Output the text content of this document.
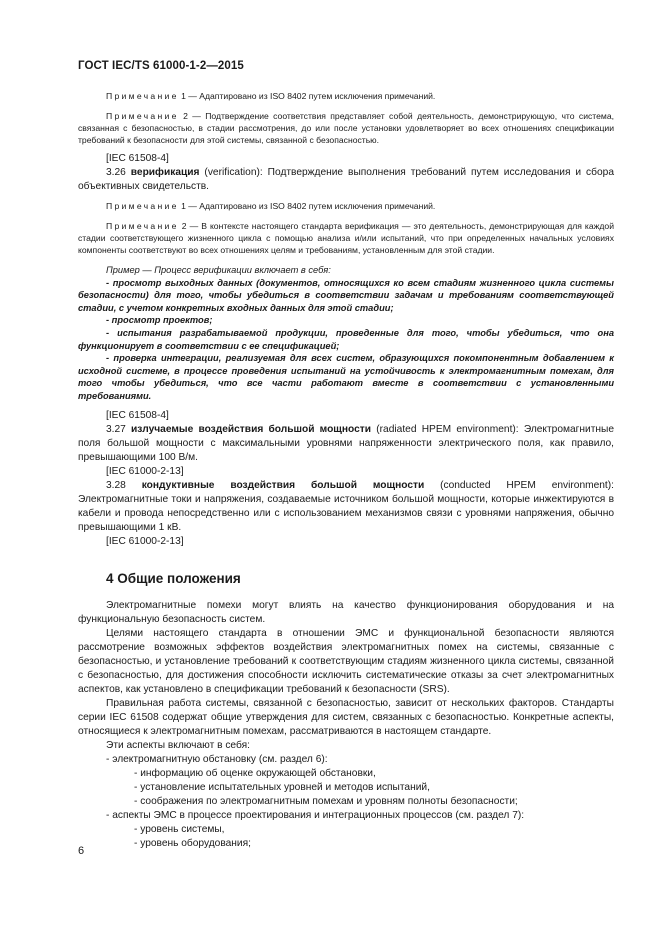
ГОСТ IEC/TS 61000-1-2—2015

Примечание 1 — Адаптировано из ISO 8402 путем исключения примечаний.

Примечание 2 — Подтверждение соответствия представляет собой деятельность, демонстрирующую, что система, связанная с безопасностью, в стадии рассмотрения, до или после установки удовлетворяет во всех отношениях спецификации требований к безопасности для этой системы, связанной с безопасностью.

[IEC 61508-4]

3.26 верификация (verification): Подтверждение выполнения требований путем исследования и сбора объективных свидетельств.

Примечание 1 — Адаптировано из ISO 8402 путем исключения примечаний.

Примечание 2 — В контексте настоящего стандарта верификация — это деятельность, демонстрирующая для каждой стадии соответствующего жизненного цикла с помощью анализа и/или испытаний, что при определенных начальных условиях компоненты соответствуют во всех отношениях целям и требованиям, установленным для этой стадии.

Пример — Процесс верификации включает в себя:

- просмотр выходных данных (документов, относящихся ко всем стадиям жизненного цикла системы безопасности) для того, чтобы убедиться в соответствии задачам и требованиям соответствующей стадии, с учетом конкретных входных данных для этой стадии;

- просмотр проектов;

- испытания разрабатываемой продукции, проведенные для того, чтобы убедиться, что она функционирует в соответствии с ее спецификацией;

- проверка интеграции, реализуемая для всех систем, образующихся покомпонентным добавлением к исходной системе, в процессе проведения испытаний на устойчивость к электромагнитным помехам, для того чтобы убедиться, что все части работают вместе в соответствии с установленными требованиями.

[IEC 61508-4]

3.27 излучаемые воздействия большой мощности (radiated HPEM environment): Электромагнитные поля большой мощности с максимальными уровнями напряженности электрического поля, как правило, превышающими 100 В/м.

[IEC 61000-2-13]

3.28 кондуктивные воздействия большой мощности (conducted HPEM environment): Электромагнитные токи и напряжения, создаваемые источником большой мощности, которые инжектируются в кабели и провода непосредственно или с использованием механизмов связи с уровнями напряжения, обычно превышающими 1 кВ.

[IEC 61000-2-13]

4 Общие положения

Электромагнитные помехи могут влиять на качество функционирования оборудования и на функциональную безопасность систем.

Целями настоящего стандарта в отношении ЭМС и функциональной безопасности являются рассмотрение возможных эффектов воздействия электромагнитных помех на системы, связанные с безопасностью, и установление требований к соответствующим стадиям жизненного цикла системы, связанной с безопасностью, для достижения способности исключить систематические отказы за счет электромагнитных аспектов, как установлено в спецификации требований к безопасности (SRS).

Правильная работа системы, связанной с безопасностью, зависит от нескольких факторов. Стандарты серии IEC 61508 содержат общие утверждения для систем, связанных с безопасностью. Конкретные аспекты, относящиеся к электромагнитным помехам, рассматриваются в настоящем стандарте.

Эти аспекты включают в себя:

- электромагнитную обстановку (см. раздел 6):
- информацию об оценке окружающей обстановки,
- установление испытательных уровней и методов испытаний,
- соображения по электромагнитным помехам и уровням полноты безопасности;
- аспекты ЭМС в процессе проектирования и интеграционных процессов (см. раздел 7):
- уровень системы,
- уровень оборудования;
6
